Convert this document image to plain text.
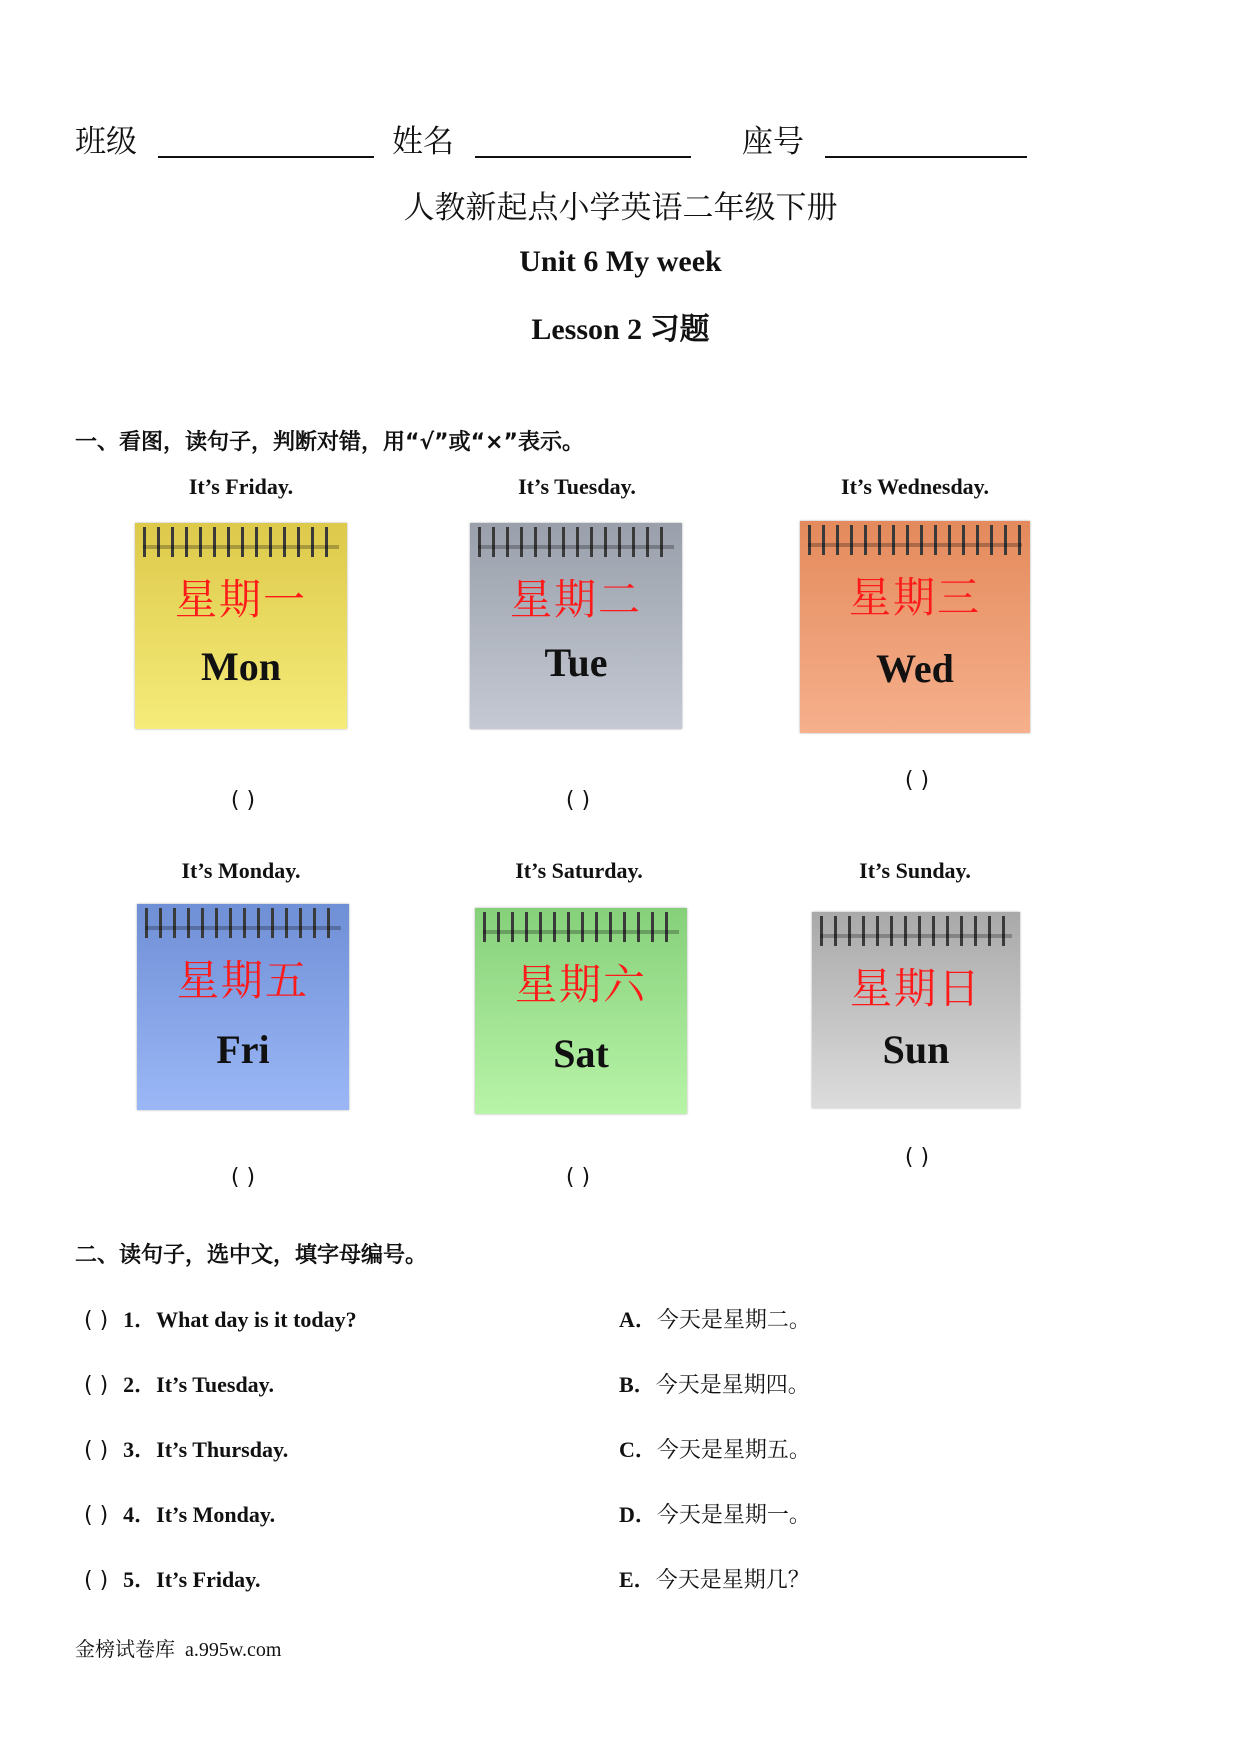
班级	姓名	座号
人教新起点小学英语二年级下册
Unit 6 My week
Lesson 2 习题
一、看图，读句子，判断对错，用“√”或“×”表示。
It’s Friday.
星期一
Mon
( )
It’s Tuesday.
星期二
Tue
( )
It’s Wednesday.
星期三
Wed
( )
It’s Monday.
星期五
Fri
( )
It’s Saturday.
星期六
Sat
( )
It’s Sunday.
星期日
Sun
( )
二、读句子，选中文，填字母编号。
( ) 1．What day is it today?
( ) 2．It’s Tuesday.
( ) 3．It’s Thursday.
( ) 4．It’s Monday.
( ) 5．It’s Friday.
A．今天是星期二。
B．今天是星期四。
C．今天是星期五。
D．今天是星期一。
E．今天是星期几？
金榜试卷库  a.995w.com
